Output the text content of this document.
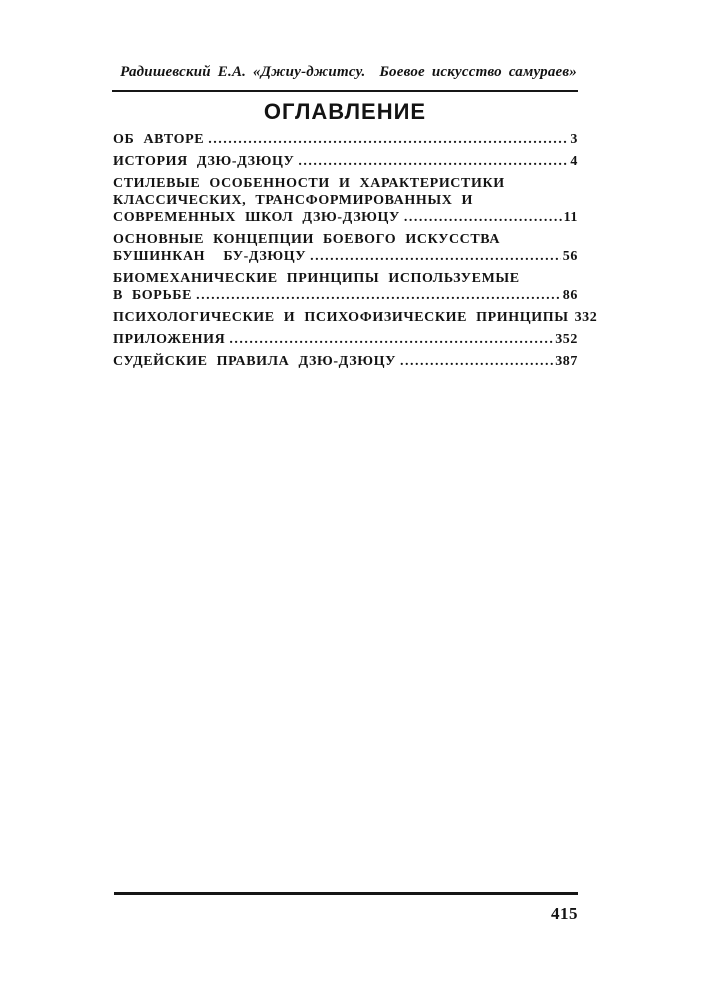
Радишевский Е.А. «Джиу-джитсу.  Боевое искусство самураев»
ОГЛАВЛЕНИЕ
ОБ АВТОРЕ .....	3
ИСТОРИЯ ДЗЮ-ДЗЮЦУ .....	4
СТИЛЕВЫЕ ОСОБЕННОСТИ И ХАРАКТЕРИСТИКИ
КЛАССИЧЕСКИХ, ТРАНСФОРМИРОВАННЫХ И
СОВРЕМЕННЫХ ШКОЛ ДЗЮ-ДЗЮЦУ .....	11
ОСНОВНЫЕ КОНЦЕПЦИИ БОЕВОГО ИСКУССТВА
БУШИНКАН  БУ-ДЗЮЦУ .....	56
БИОМЕХАНИЧЕСКИЕ ПРИНЦИПЫ ИСПОЛЬЗУЕМЫЕ
В БОРЬБЕ .....	86
ПСИХОЛОГИЧЕСКИЕ И ПСИХОФИЗИЧЕСКИЕ ПРИНЦИПЫ 332
ПРИЛОЖЕНИЯ .....	352
СУДЕЙСКИЕ ПРАВИЛА ДЗЮ-ДЗЮЦУ .....	387
415
